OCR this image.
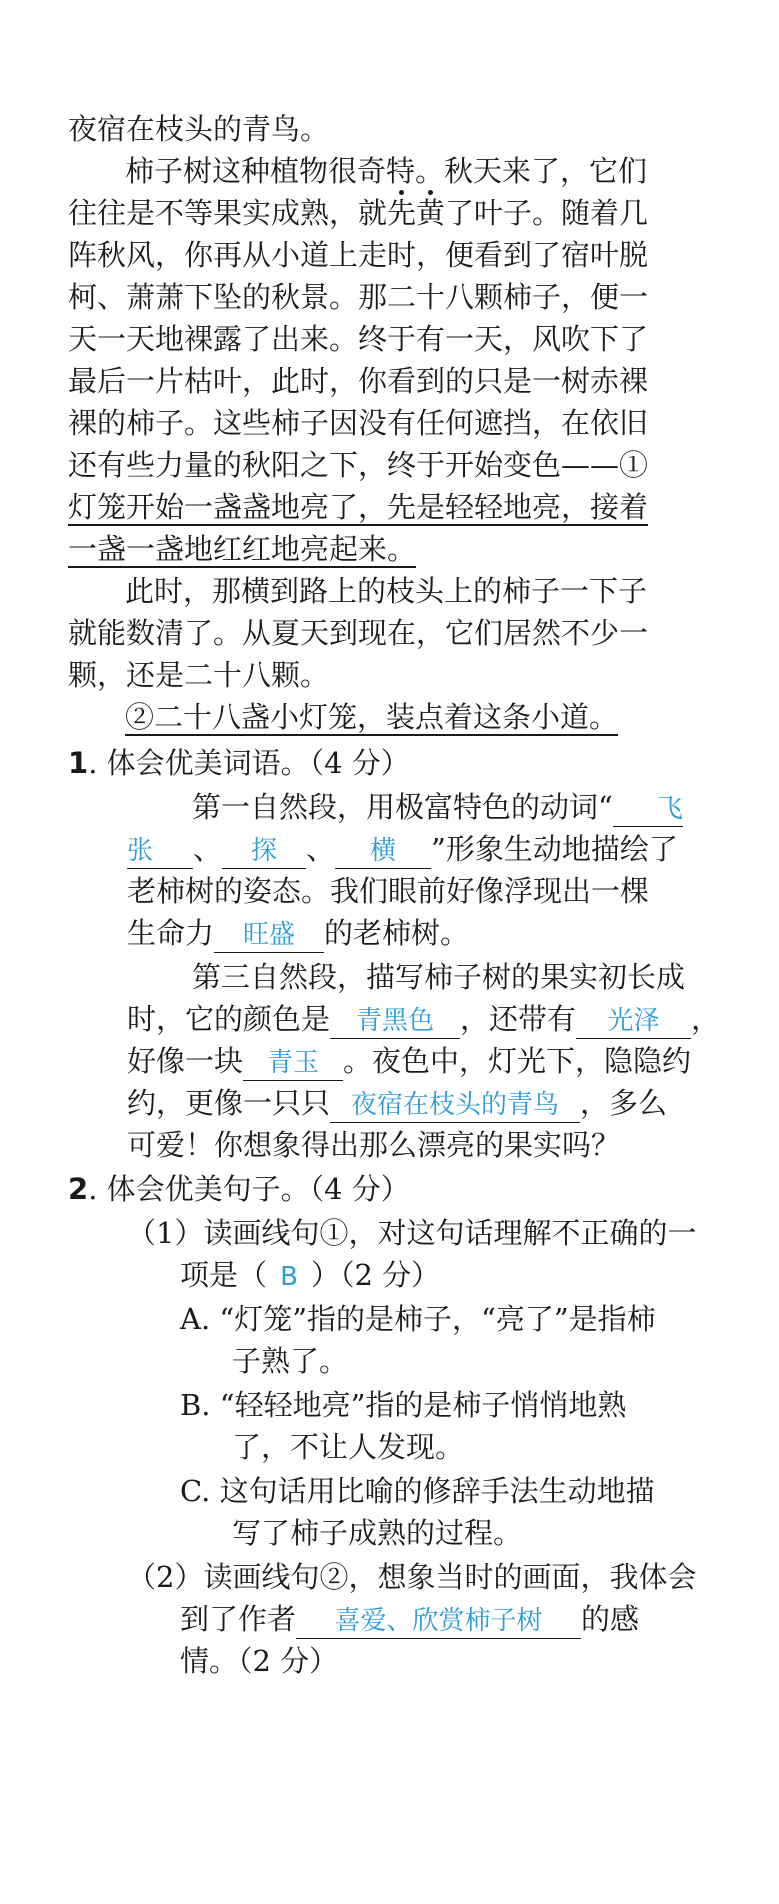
夜宿在枝头的青鸟。
柿子树这种植物很奇特。秋天来了，它们
往往是不等果实成熟，就先黄了叶子。随着几
阵秋风，你再从小道上走时，便看到了宿叶脱
柯、萧萧下坠的秋景。那二十八颗柿子，便一
天一天地裸露了出来。终于有一天，风吹下了
最后一片枯叶，此时，你看到的只是一树赤裸
裸的柿子。这些柿子因没有任何遮挡，在依旧
还有些力量的秋阳之下，终于开始变色——①
灯笼开始一盏盏地亮了，先是轻轻地亮，接着
一盏一盏地红红地亮起来。
此时，那横到路上的枝头上的柿子一下子
就能数清了。从夏天到现在，它们居然不少一
颗，还是二十八颗。
②二十八盏小灯笼，装点着这条小道。
1. 体会优美词语。（4 分）
第一自然段，用极富特色的动词“ 飞
张 、 探 、 横 ”形象生动地描绘了
老柿树的姿态。我们眼前好像浮现出一棵
生命力 旺盛 的老柿树。
第三自然段，描写柿子树的果实初长成
时，它的颜色是 青黑色 ，还带有 光泽 ，
好像一块 青玉 。夜色中，灯光下，隐隐约
约，更像一只只 夜宿在枝头的青鸟 ，多么
可爱！你想象得出那么漂亮的果实吗？
2. 体会优美句子。（4 分）
（1）读画线句①，对这句话理解不正确的一
项是（ B ）（2 分）
A. “灯笼”指的是柿子，“亮了”是指柿
子熟了。
B. “轻轻地亮”指的是柿子悄悄地熟
了，不让人发现。
C. 这句话用比喻的修辞手法生动地描
写了柿子成熟的过程。
（2）读画线句②，想象当时的画面，我体会
到了作者 喜爱、欣赏柿子树 的感
情。（2 分）
